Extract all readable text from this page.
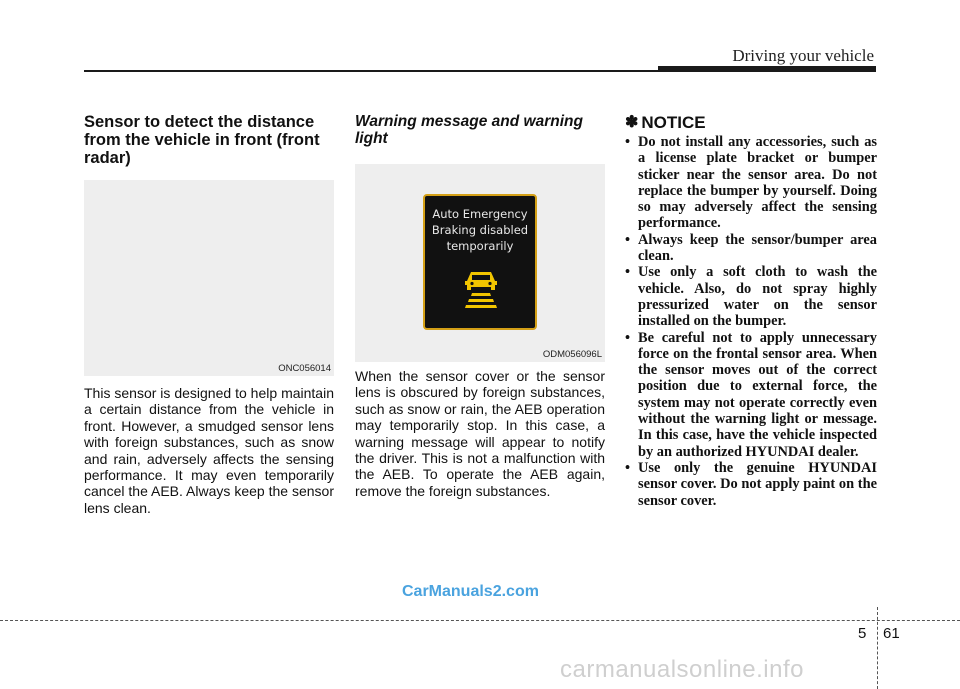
Driving your vehicle
Sensor to detect the distance from the vehicle in front (front radar)
ONC056014
This sensor is designed to help maintain a certain distance from the vehicle in front. However, a smudged sensor lens with foreign substances, such as snow and rain, adversely affects the sensing performance. It may even temporarily cancel the AEB. Always keep the sensor lens clean.
Warning message and warning light
Auto Emergency
Braking disabled
temporarily
ODM056096L
When the sensor cover or the sensor lens is obscured by foreign substances, such as snow or rain, the AEB operation may temporarily stop. In this case, a warning message will appear to notify the driver. This is not a malfunction with the AEB. To operate the AEB again, remove the foreign substances.
✽ NOTICE
• Do not install any accessories, such as a license plate bracket or bumper sticker near the sensor area. Do not replace the bumper by yourself. Doing so may adversely affect the sensing performance.
• Always keep the sensor/bumper area clean.
• Use only a soft cloth to wash the vehicle. Also, do not spray highly pressurized water on the sensor installed on the bumper.
• Be careful not to apply unnecessary force on the frontal sensor area. When the sensor moves out of the correct position due to external force, the system may not operate correctly even without the warning light or message. In this case, have the vehicle inspected by an authorized HYUNDAI dealer.
• Use only the genuine HYUNDAI sensor cover. Do not apply paint on the sensor cover.
CarManuals2.com
5 61
carmanualsonline.info
